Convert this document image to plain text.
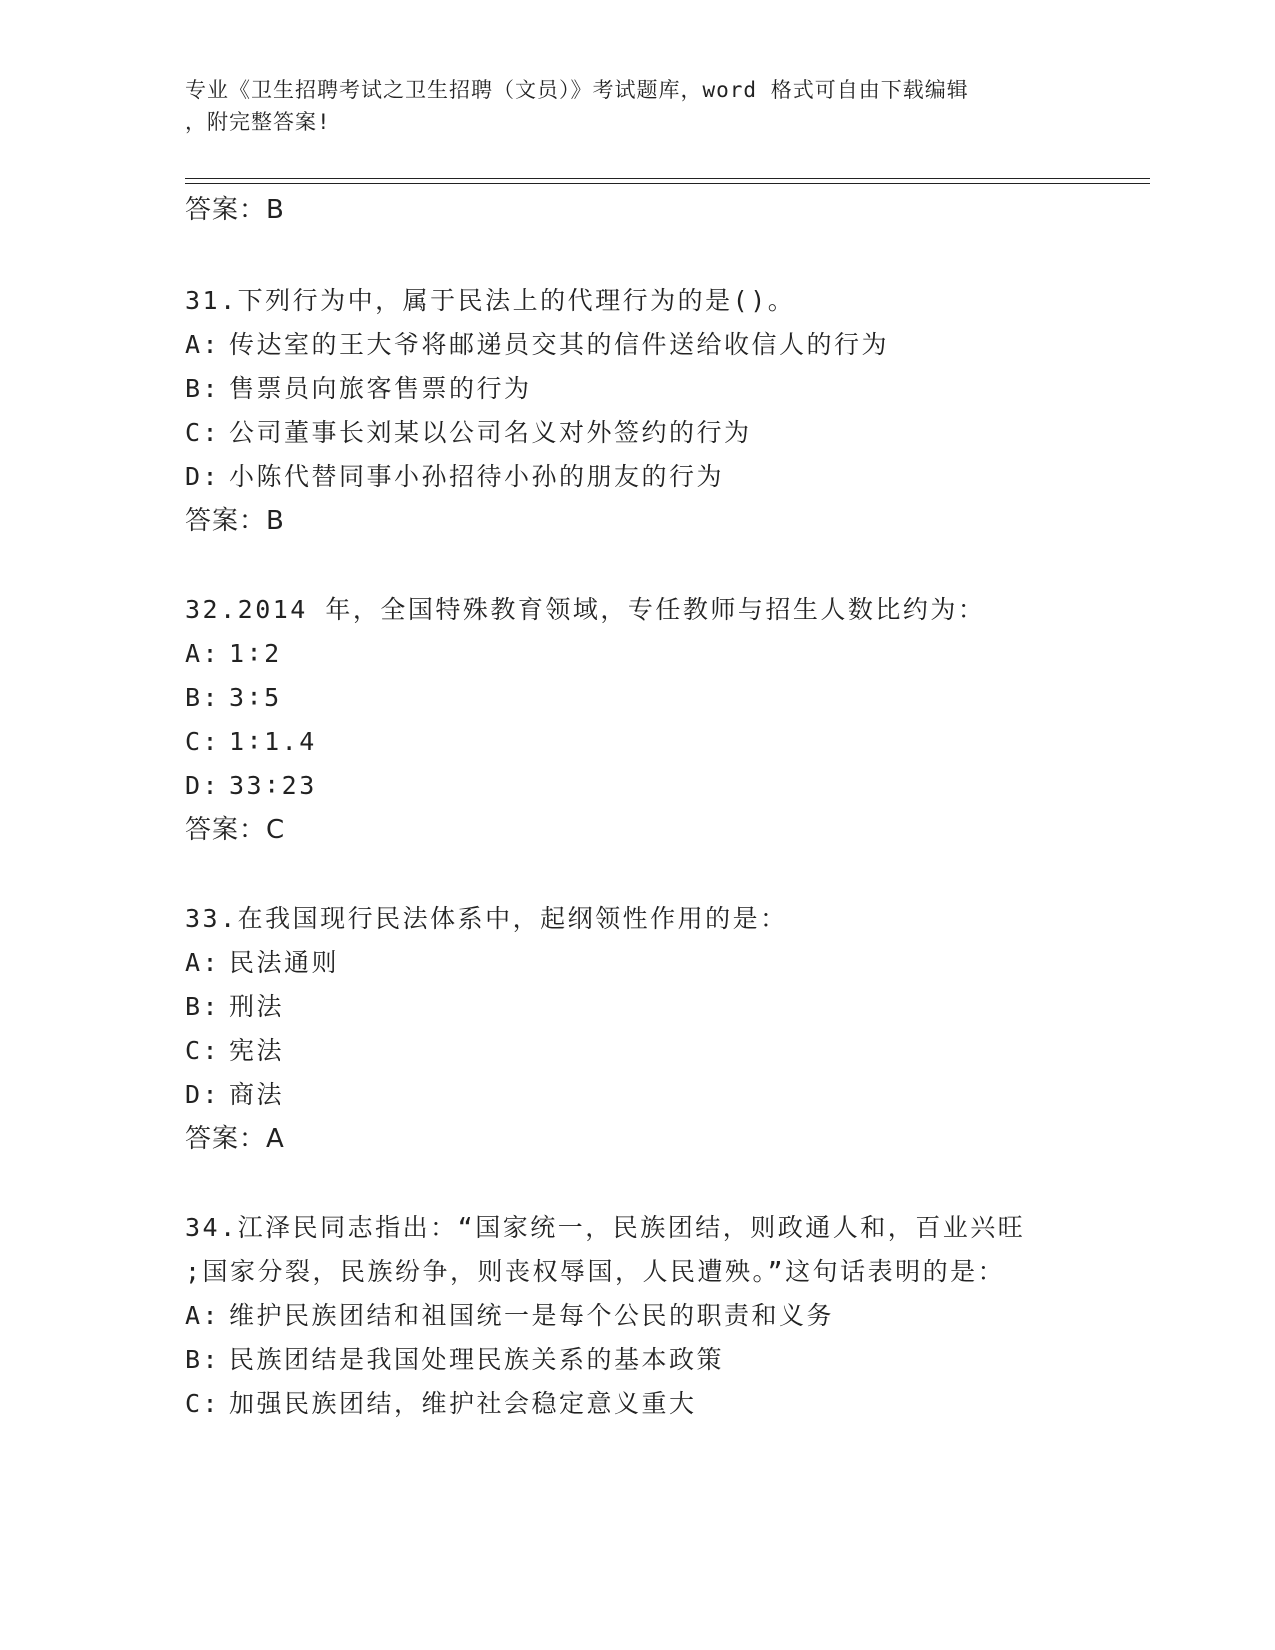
专业《卫生招聘考试之卫生招聘（文员）》考试题库，word 格式可自由下载编辑
，附完整答案!
答案：B
31.下列行为中，属于民法上的代理行为的是()。
A: 传达室的王大爷将邮递员交其的信件送给收信人的行为
B: 售票员向旅客售票的行为
C: 公司董事长刘某以公司名义对外签约的行为
D: 小陈代替同事小孙招待小孙的朋友的行为
答案：B
32.2014 年，全国特殊教育领域，专任教师与招生人数比约为：
A: 1∶2
B: 3∶5
C: 1∶1.4
D: 33∶23
答案：C
33.在我国现行民法体系中，起纲领性作用的是：
A: 民法通则
B: 刑法
C: 宪法
D: 商法
答案：A
34.江泽民同志指出：“国家统一，民族团结，则政通人和，百业兴旺
;国家分裂，民族纷争，则丧权辱国，人民遭殃。”这句话表明的是：
A: 维护民族团结和祖国统一是每个公民的职责和义务
B: 民族团结是我国处理民族关系的基本政策
C: 加强民族团结，维护社会稳定意义重大
